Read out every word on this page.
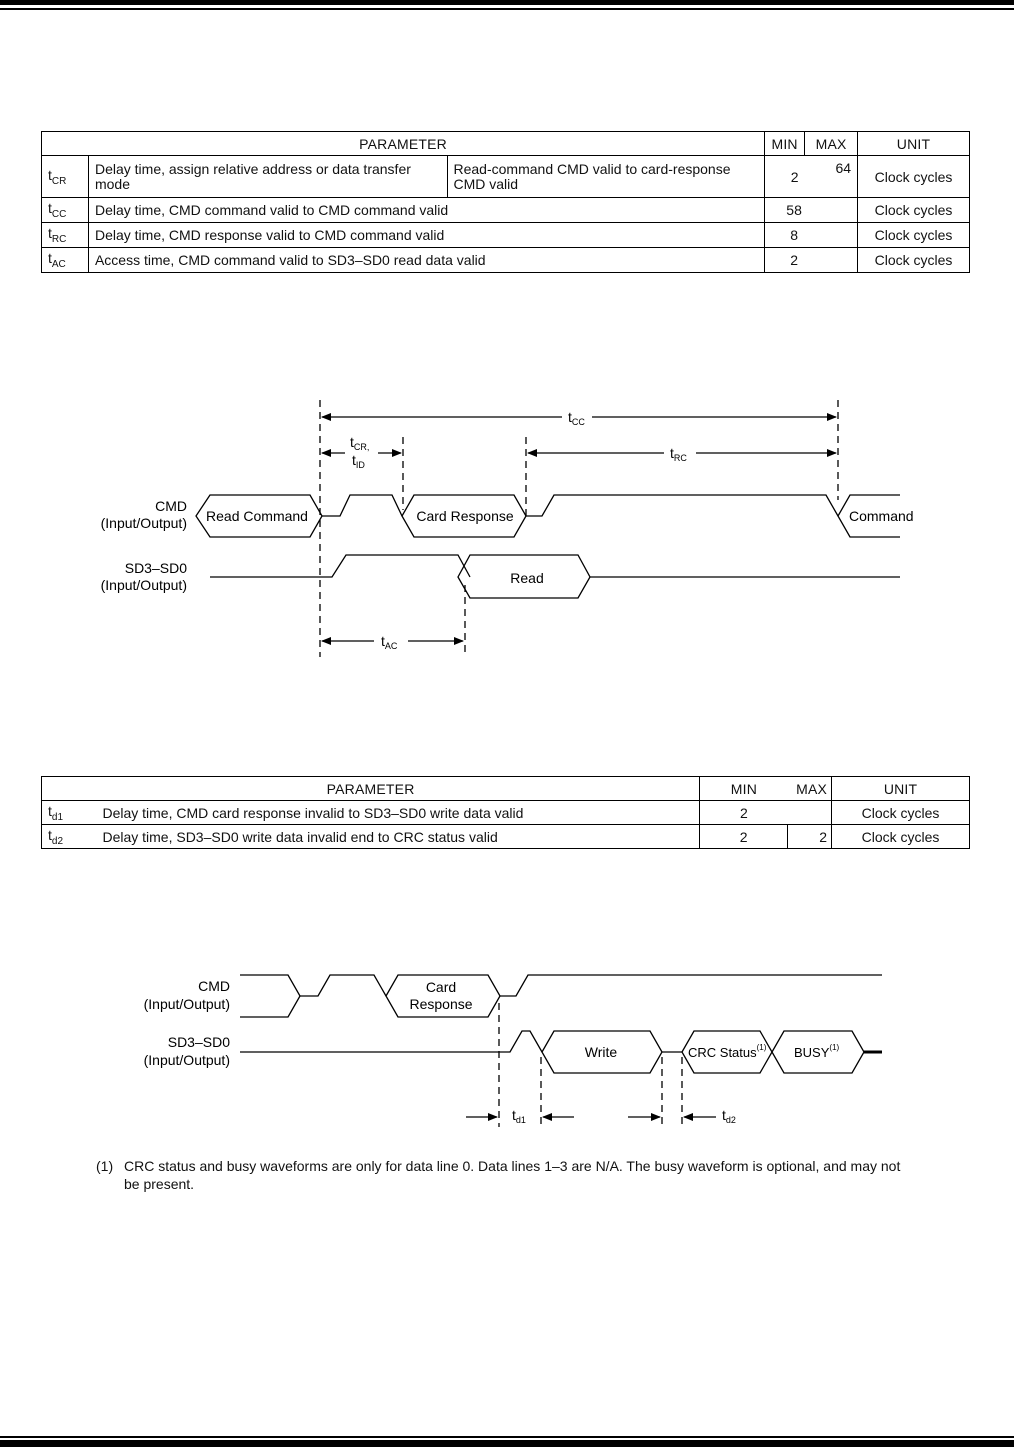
PARAMETER			MIN	MAX	UNIT
$t_{CR}$	Delay time, assign relative address or data transfer mode	Read-command CMD valid to card-response CMD valid	2	64	Clock cycles
$t_{CC}$	Delay time, CMD command valid to CMD command valid		58		Clock cycles
$t_{RC}$	Delay time, CMD response valid to CMD command valid		8		Clock cycles
$t_{AC}$	Access time, CMD command valid to SD3–SD0 read data valid		2		Clock cycles
CMD
(Input/Output)
SD3–SD0
(Input/Output)
Read Command	Card Response	Command
Read
$t_{CC}$
$t_{CR,}$
$t_{ID}$
$t_{RC}$
$t_{AC}$
PARAMETER		MIN	MAX	UNIT
$t_{d1}$	Delay time, CMD card response invalid to SD3–SD0 write data valid	2		Clock cycles
$t_{d2}$	Delay time, SD3–SD0 write data invalid end to CRC status valid	2	2	Clock cycles
CMD
(Input/Output)
SD3–SD0
(Input/Output)
Card
Response
Write	CRC Status$^{(1)}$ BUSY$^{(1)}$
$t_{d1}$	$t_{d2}$
(1) CRC status and busy waveforms are only for data line 0. Data lines 1–3 are N/A. The busy waveform is optional, and may not be present.
